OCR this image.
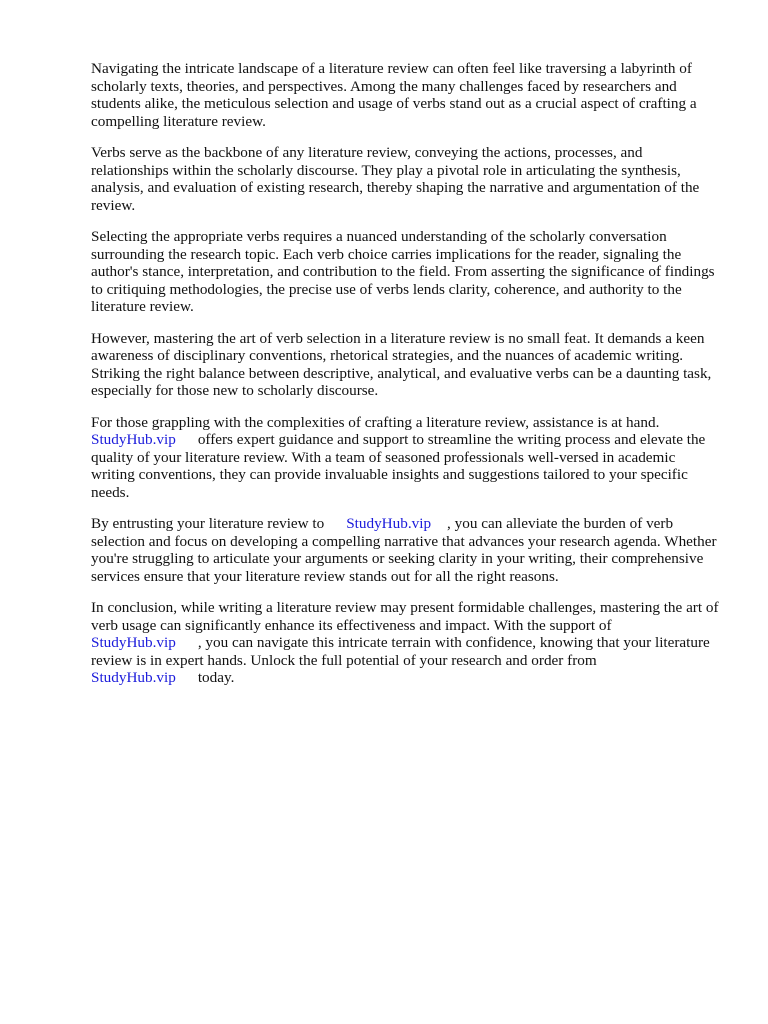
Navigating the intricate landscape of a literature review can often feel like traversing a labyrinth of scholarly texts, theories, and perspectives. Among the many challenges faced by researchers and students alike, the meticulous selection and usage of verbs stand out as a crucial aspect of crafting a compelling literature review.

Verbs serve as the backbone of any literature review, conveying the actions, processes, and relationships within the scholarly discourse. They play a pivotal role in articulating the synthesis, analysis, and evaluation of existing research, thereby shaping the narrative and argumentation of the review.

Selecting the appropriate verbs requires a nuanced understanding of the scholarly conversation surrounding the research topic. Each verb choice carries implications for the reader, signaling the author's stance, interpretation, and contribution to the field. From asserting the significance of findings to critiquing methodologies, the precise use of verbs lends clarity, coherence, and authority to the literature review.

However, mastering the art of verb selection in a literature review is no small feat. It demands a keen awareness of disciplinary conventions, rhetorical strategies, and the nuances of academic writing. Striking the right balance between descriptive, analytical, and evaluative verbs can be a daunting task, especially for those new to scholarly discourse.

For those grappling with the complexities of crafting a literature review, assistance is at hand.
StudyHub.vip offers expert guidance and support to streamline the writing process and elevate the quality of your literature review. With a team of seasoned professionals well-versed in academic writing conventions, they can provide invaluable insights and suggestions tailored to your specific needs.

By entrusting your literature review to StudyHub.vip , you can alleviate the burden of verb selection and focus on developing a compelling narrative that advances your research agenda. Whether you're struggling to articulate your arguments or seeking clarity in your writing, their comprehensive services ensure that your literature review stands out for all the right reasons.

In conclusion, while writing a literature review may present formidable challenges, mastering the art of verb usage can significantly enhance its effectiveness and impact. With the support of
StudyHub.vip , you can navigate this intricate terrain with confidence, knowing that your literature review is in expert hands. Unlock the full potential of your research and order from
StudyHub.vip today.
